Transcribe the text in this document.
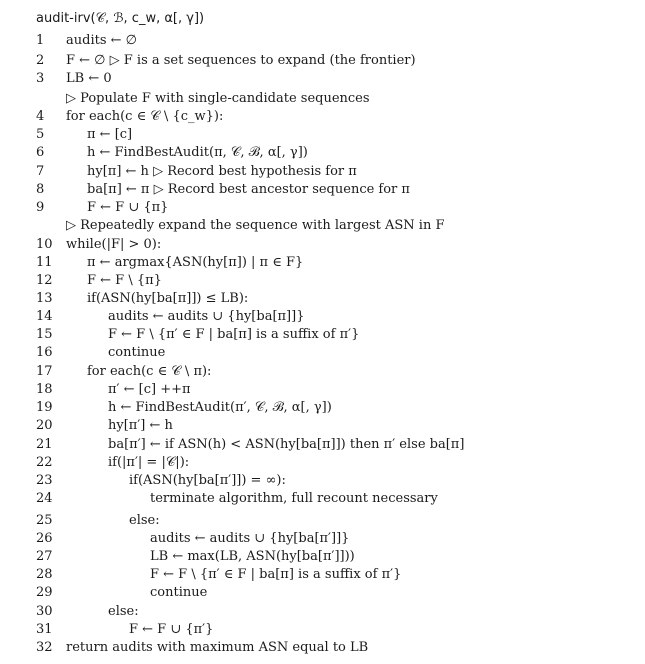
audit-irv(𝒞, ℬ, c_w, α[, γ])
1	audits ← ∅
2	F ← ∅ ▷ F is a set sequences to expand (the frontier)
3	LB ← 0
▷ Populate F with single-candidate sequences
4	for each(c ∈ 𝒞 \ {c_w}):
5	π ← [c]
6	h ← FindBestAudit(π, 𝒞, ℬ, α[, γ])
7	hy[π] ← h ▷ Record best hypothesis for π
8	ba[π] ← π ▷ Record best ancestor sequence for π
9	F ← F ∪ {π}
▷ Repeatedly expand the sequence with largest ASN in F
10	while(|F| > 0):
11	π ← argmax{ASN(hy[π]) | π ∈ F}
12	F ← F \ {π}
13	if(ASN(hy[ba[π]]) ≤ LB):
14	audits ← audits ∪ {hy[ba[π]]}
15	F ← F \ {π′ ∈ F | ba[π] is a suffix of π′}
16	continue
17	for each(c ∈ 𝒞 \ π):
18	π′ ← [c] ++π
19	h ← FindBestAudit(π′, 𝒞, ℬ, α[, γ])
20	hy[π′] ← h
21	ba[π′] ← if ASN(h) < ASN(hy[ba[π]]) then π′ else ba[π]
22	if(|π′| = |𝒞|):
23	if(ASN(hy[ba[π′]]) = ∞):
24	terminate algorithm, full recount necessary
25	else:
26	audits ← audits ∪ {hy[ba[π′]]}
27	LB ← max(LB, ASN(hy[ba[π′]]))
28	F ← F \ {π′ ∈ F | ba[π] is a suffix of π′}
29	continue
30	else:
31	F ← F ∪ {π′}
32	return audits with maximum ASN equal to LB
